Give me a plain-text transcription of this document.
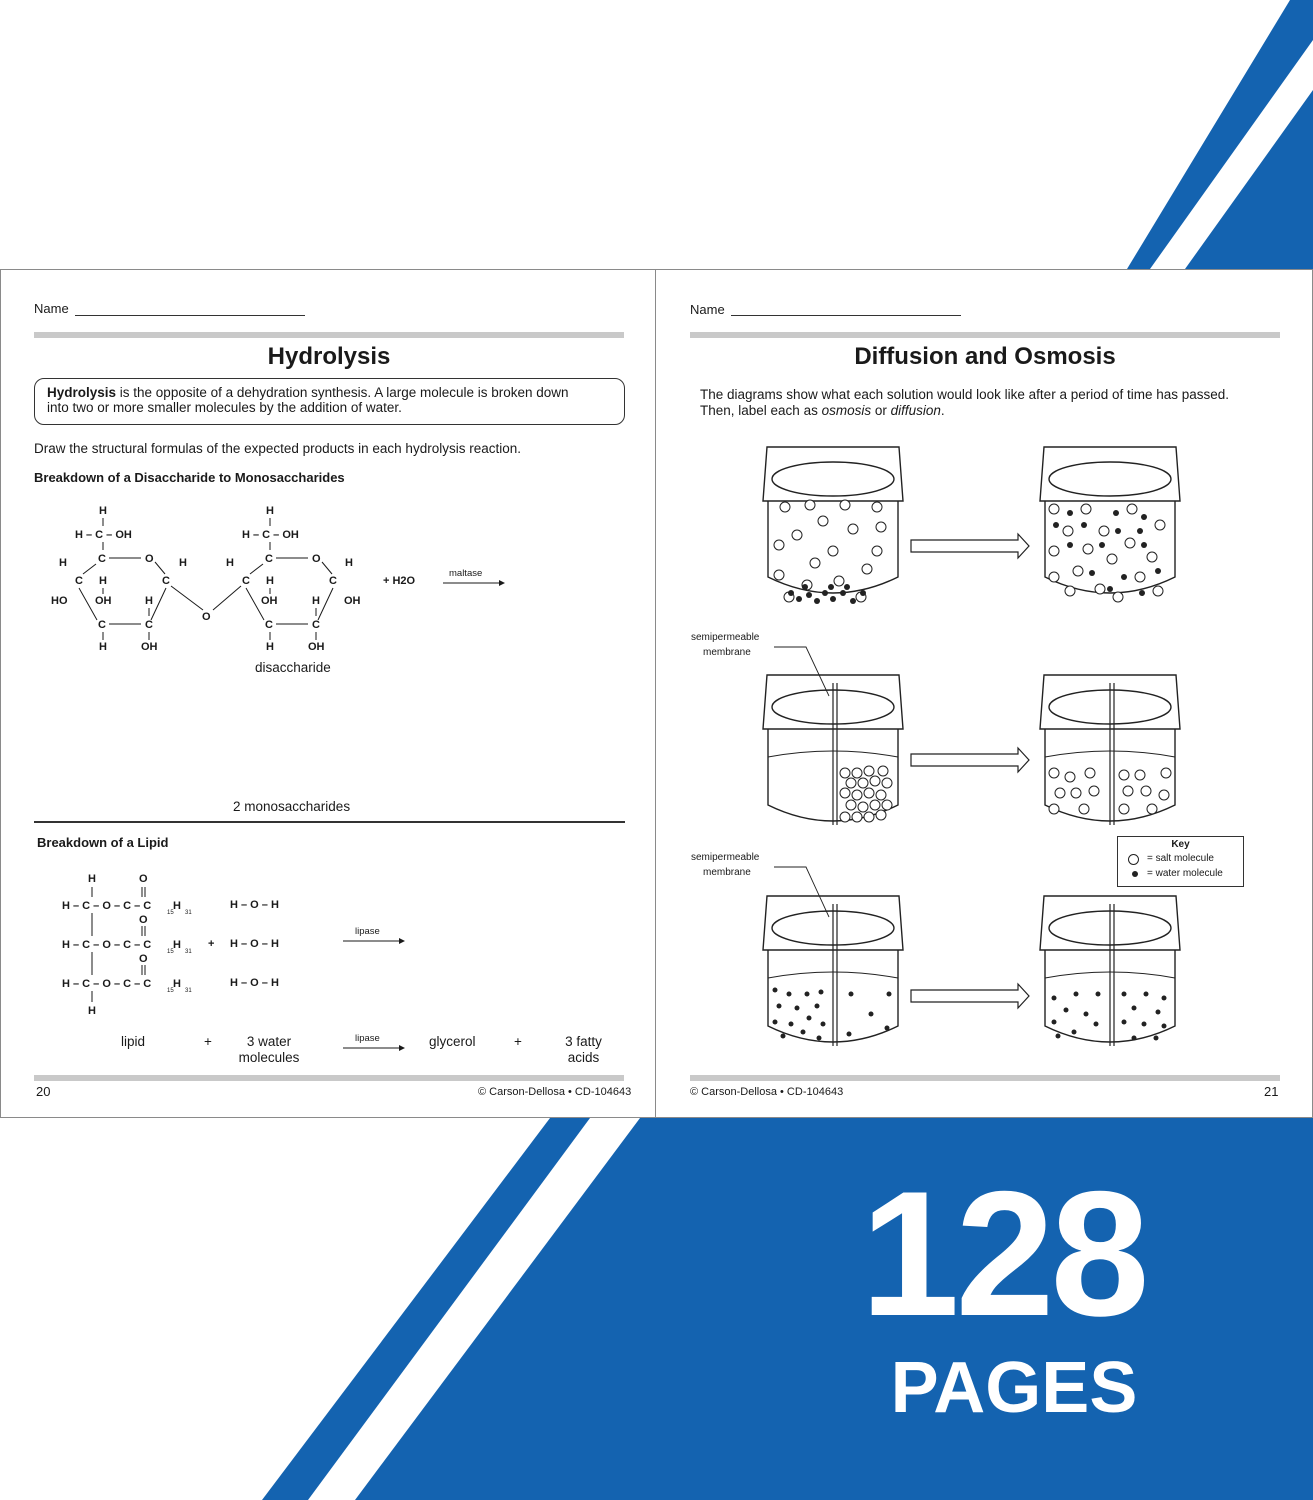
128
PAGES
Name
Hydrolysis
Hydrolysis is the opposite of a dehydration synthesis. A large molecule is broken down
into two or more smaller molecules by the addition of water.
Draw the structural formulas of the expected products in each hydrolysis reaction.
Breakdown of a Disaccharide to Monosaccharides
H
H – C – OH
C	O
H	H
C	C
H
HO	OH	H
C	C
H	OH
O
H
H – C – OH
C	O
H	H
C	C
H
OH	H OH
C	C
H	OH
+ H2O
maltase
disaccharide
2 monosaccharides
Breakdown of a Lipid
H	O
H – C – O – C – C H
O
H – C – O – C – C H
O
H – C – O – C – C H
H
15 31
15 31
15 31
+
H – O – H
H – O – H
H – O – H
lipase
lipid	+	3 water
molecules
lipase	glycerol	+	3 fatty
acids
20	© Carson-Dellosa • CD-104643
Name
Diffusion and Osmosis
The diagrams show what each solution would look like after a period of time has passed.
Then, label each as osmosis or diffusion.
semipermeable
membrane
semipermeable
membrane
Key
= salt molecule
= water molecule
© Carson-Dellosa • CD-104643	21
